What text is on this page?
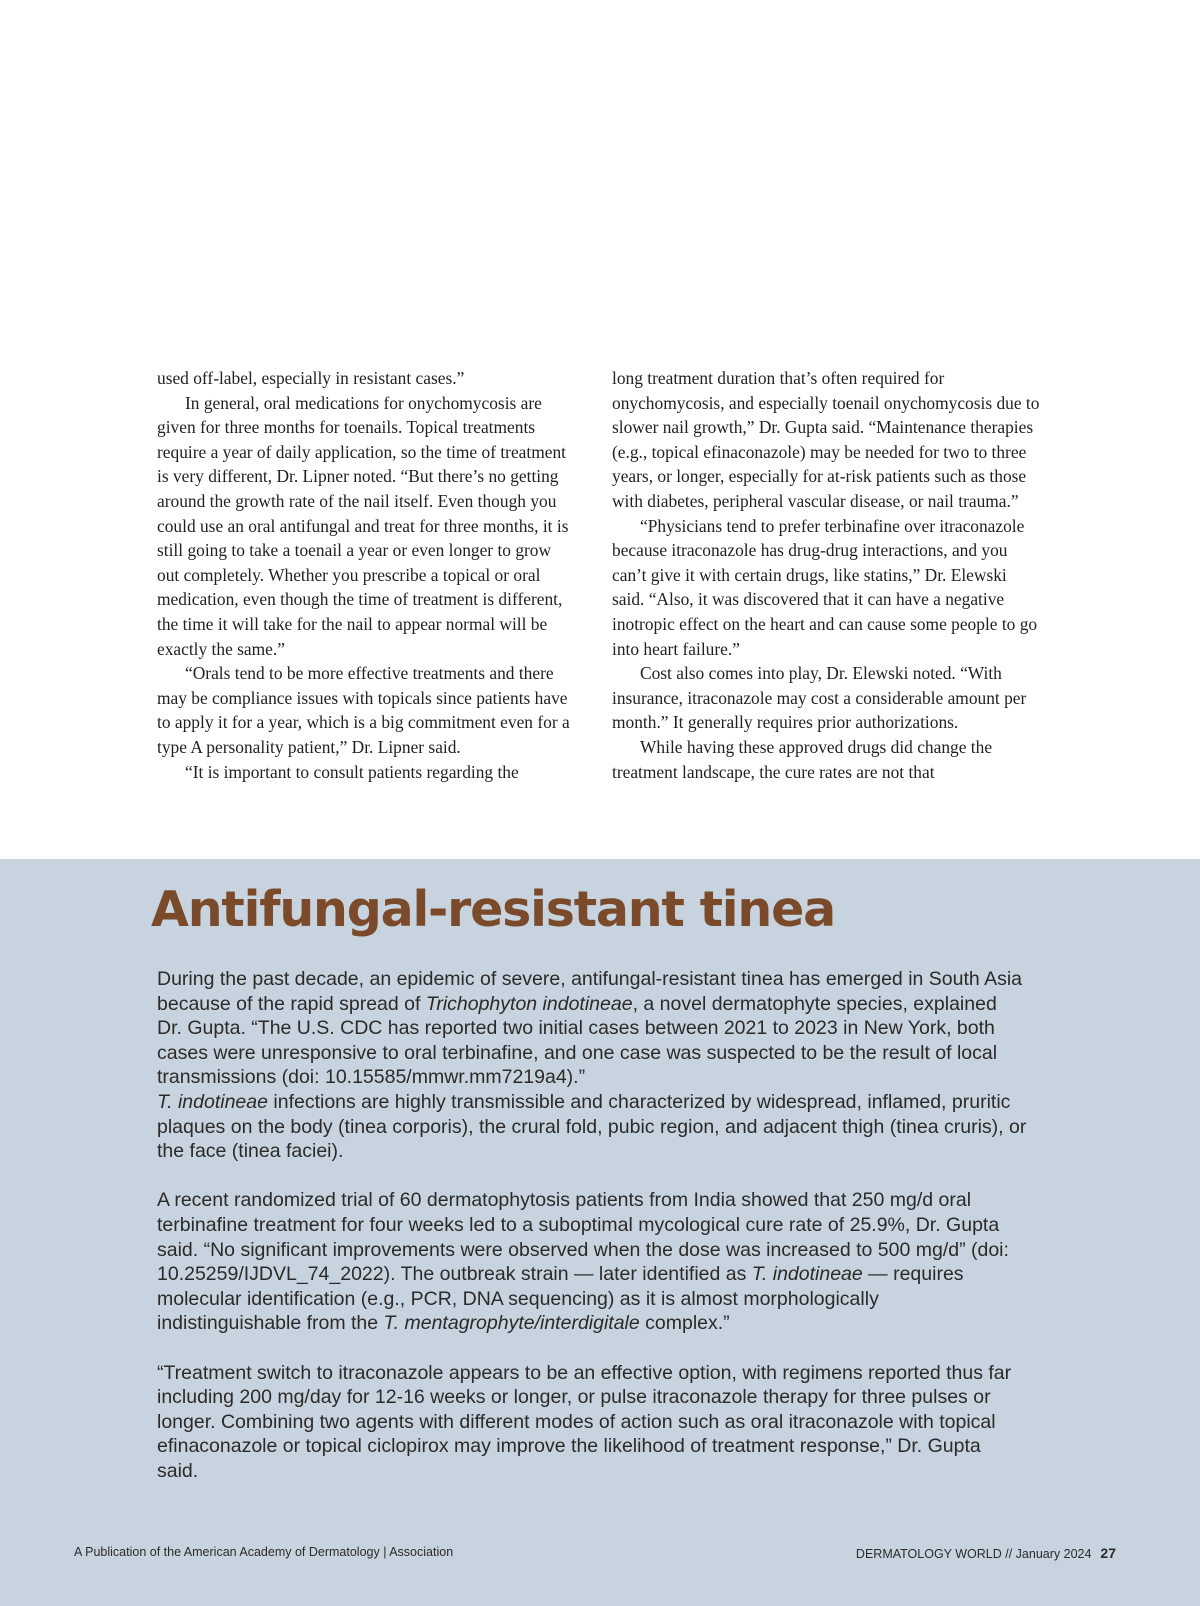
used off-label, especially in resistant cases.”

In general, oral medications for onychomycosis are given for three months for toenails. Topical treatments require a year of daily application, so the time of treatment is very different, Dr. Lipner noted. “But there’s no getting around the growth rate of the nail itself. Even though you could use an oral antifungal and treat for three months, it is still going to take a toenail a year or even longer to grow out completely. Whether you prescribe a topical or oral medication, even though the time of treatment is different, the time it will take for the nail to appear normal will be exactly the same.”

“Orals tend to be more effective treatments and there may be compliance issues with topicals since patients have to apply it for a year, which is a big commitment even for a type A personality patient,” Dr. Lipner said.

“It is important to consult patients regarding the

long treatment duration that’s often required for onychomycosis, and especially toenail onychomycosis due to slower nail growth,” Dr. Gupta said. “Maintenance therapies (e.g., topical efinaconazole) may be needed for two to three years, or longer, especially for at-risk patients such as those with diabetes, peripheral vascular disease, or nail trauma.”

“Physicians tend to prefer terbinafine over itraconazole because itraconazole has drug-drug interactions, and you can’t give it with certain drugs, like statins,” Dr. Elewski said. “Also, it was discovered that it can have a negative inotropic effect on the heart and can cause some people to go into heart failure.”

Cost also comes into play, Dr. Elewski noted. “With insurance, itraconazole may cost a considerable amount per month.” It generally requires prior authorizations.

While having these approved drugs did change the treatment landscape, the cure rates are not that

Antifungal-resistant tinea

During the past decade, an epidemic of severe, antifungal-resistant tinea has emerged in South Asia because of the rapid spread of Trichophyton indotineae, a novel dermatophyte species, explained Dr. Gupta. “The U.S. CDC has reported two initial cases between 2021 to 2023 in New York, both cases were unresponsive to oral terbinafine, and one case was suspected to be the result of local transmissions (doi: 10.15585/mmwr.mm7219a4).”
T. indotineae infections are highly transmissible and characterized by widespread, inflamed, pruritic plaques on the body (tinea corporis), the crural fold, pubic region, and adjacent thigh (tinea cruris), or the face (tinea faciei).

A recent randomized trial of 60 dermatophytosis patients from India showed that 250 mg/d oral terbinafine treatment for four weeks led to a suboptimal mycological cure rate of 25.9%, Dr. Gupta said. “No significant improvements were observed when the dose was increased to 500 mg/d” (doi: 10.25259/IJDVL_74_2022). The outbreak strain — later identified as T. indotineae — requires molecular identification (e.g., PCR, DNA sequencing) as it is almost morphologically indistinguishable from the T. mentagrophyte/interdigitale complex.”

“Treatment switch to itraconazole appears to be an effective option, with regimens reported thus far including 200 mg/day for 12-16 weeks or longer, or pulse itraconazole therapy for three pulses or longer. Combining two agents with different modes of action such as oral itraconazole with topical efinaconazole or topical ciclopirox may improve the likelihood of treatment response,” Dr. Gupta said.

A Publication of the American Academy of Dermatology | Association	DERMATOLOGY WORLD // January 2024 27
